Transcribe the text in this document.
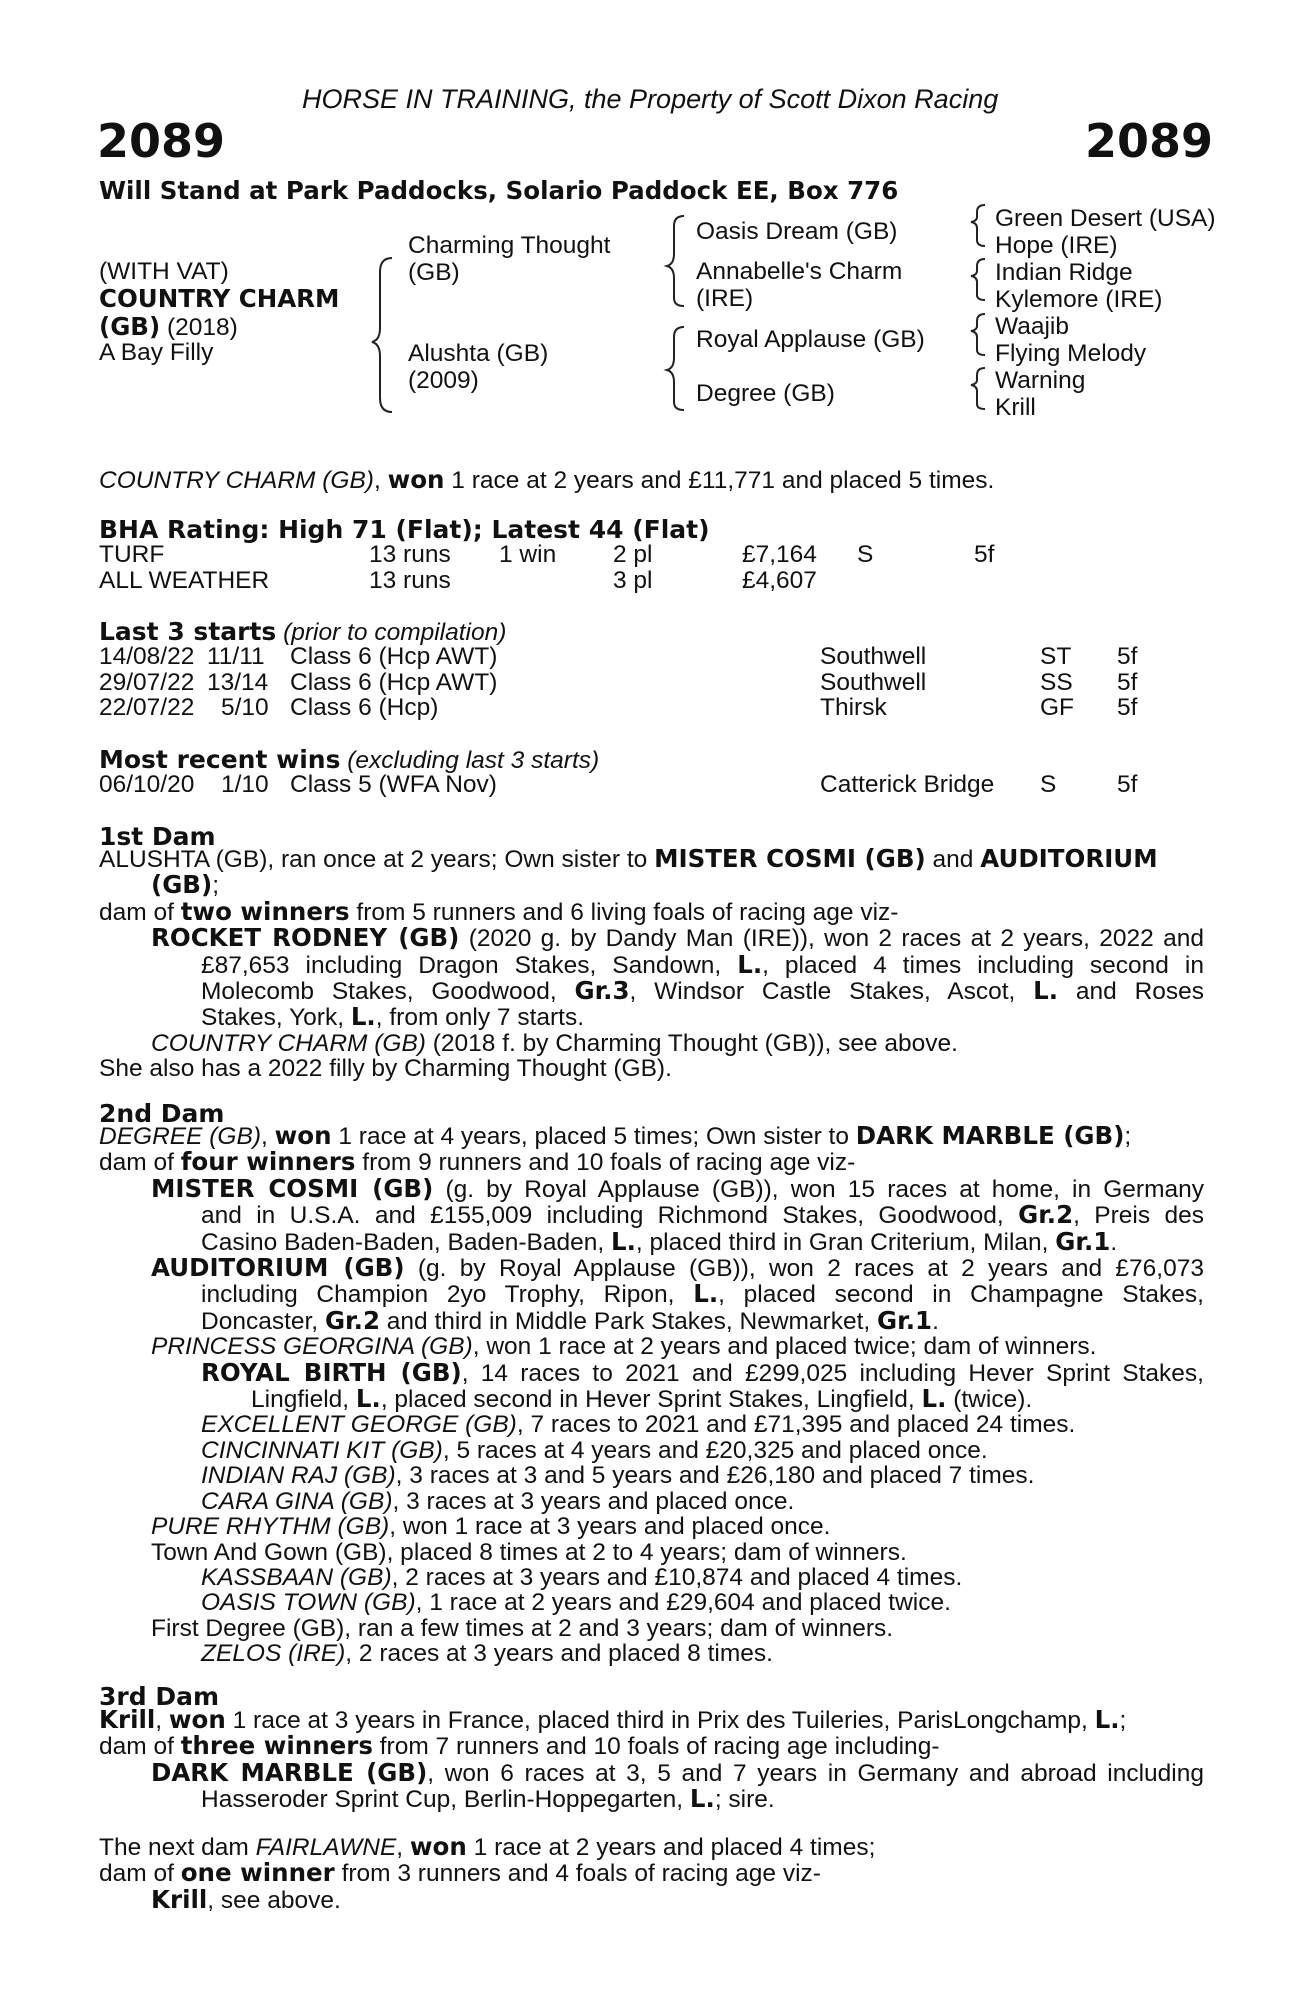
HORSE IN TRAINING, the Property of Scott Dixon Racing
2089	2089
Will Stand at Park Paddocks, Solario Paddock EE, Box 776
(WITH VAT)
COUNTRY CHARM
(GB) (2018)
A Bay Filly
Charming Thought
(GB)
Alushta (GB)
(2009)
Oasis Dream (GB)
Annabelle's Charm
(IRE)
Royal Applause (GB)
Degree (GB)
Green Desert (USA)
Hope (IRE)
Indian Ridge
Kylemore (IRE)
Waajib
Flying Melody
Warning
Krill
COUNTRY CHARM (GB), won 1 race at 2 years and £11,771 and placed 5 times.
BHA Rating: High 71 (Flat); Latest 44 (Flat)
TURF	13 runs 1 win 2 pl	£7,164 S	5f
ALL WEATHER	13 runs	3 pl	£4,607
Last 3 starts (prior to compilation)
14/08/22 11/11 Class 6 (Hcp AWT)	Southwell	ST 5f
29/07/22 13/14 Class 6 (Hcp AWT)	Southwell	SS 5f
22/07/22 5/10 Class 6 (Hcp)	Thirsk	GF 5f
Most recent wins (excluding last 3 starts)
06/10/20 1/10 Class 5 (WFA Nov)	Catterick Bridge S 5f
1st Dam
ALUSHTA (GB), ran once at 2 years; Own sister to MISTER COSMI (GB) and AUDITORIUM
(GB);
dam of two winners from 5 runners and 6 living foals of racing age viz-
ROCKET RODNEY (GB) (2020 g. by Dandy Man (IRE)), won 2 races at 2 years, 2022 and
£87,653 including Dragon Stakes, Sandown, L., placed 4 times including second in
Molecomb Stakes, Goodwood, Gr.3, Windsor Castle Stakes, Ascot, L. and Roses
Stakes, York, L., from only 7 starts.
COUNTRY CHARM (GB) (2018 f. by Charming Thought (GB)), see above.
She also has a 2022 filly by Charming Thought (GB).
2nd Dam
DEGREE (GB), won 1 race at 4 years, placed 5 times; Own sister to DARK MARBLE (GB);
dam of four winners from 9 runners and 10 foals of racing age viz-
MISTER COSMI (GB) (g. by Royal Applause (GB)), won 15 races at home, in Germany
and in U.S.A. and £155,009 including Richmond Stakes, Goodwood, Gr.2, Preis des
Casino Baden-Baden, Baden-Baden, L., placed third in Gran Criterium, Milan, Gr.1.
AUDITORIUM (GB) (g. by Royal Applause (GB)), won 2 races at 2 years and £76,073
including Champion 2yo Trophy, Ripon, L., placed second in Champagne Stakes,
Doncaster, Gr.2 and third in Middle Park Stakes, Newmarket, Gr.1.
PRINCESS GEORGINA (GB), won 1 race at 2 years and placed twice; dam of winners.
ROYAL BIRTH (GB), 14 races to 2021 and £299,025 including Hever Sprint Stakes,
Lingfield, L., placed second in Hever Sprint Stakes, Lingfield, L. (twice).
EXCELLENT GEORGE (GB), 7 races to 2021 and £71,395 and placed 24 times.
CINCINNATI KIT (GB), 5 races at 4 years and £20,325 and placed once.
INDIAN RAJ (GB), 3 races at 3 and 5 years and £26,180 and placed 7 times.
CARA GINA (GB), 3 races at 3 years and placed once.
PURE RHYTHM (GB), won 1 race at 3 years and placed once.
Town And Gown (GB), placed 8 times at 2 to 4 years; dam of winners.
KASSBAAN (GB), 2 races at 3 years and £10,874 and placed 4 times.
OASIS TOWN (GB), 1 race at 2 years and £29,604 and placed twice.
First Degree (GB), ran a few times at 2 and 3 years; dam of winners.
ZELOS (IRE), 2 races at 3 years and placed 8 times.
3rd Dam
Krill, won 1 race at 3 years in France, placed third in Prix des Tuileries, ParisLongchamp, L.;
dam of three winners from 7 runners and 10 foals of racing age including-
DARK MARBLE (GB), won 6 races at 3, 5 and 7 years in Germany and abroad including
Hasseroder Sprint Cup, Berlin-Hoppegarten, L.; sire.
The next dam FAIRLAWNE, won 1 race at 2 years and placed 4 times;
dam of one winner from 3 runners and 4 foals of racing age viz-
Krill, see above.
